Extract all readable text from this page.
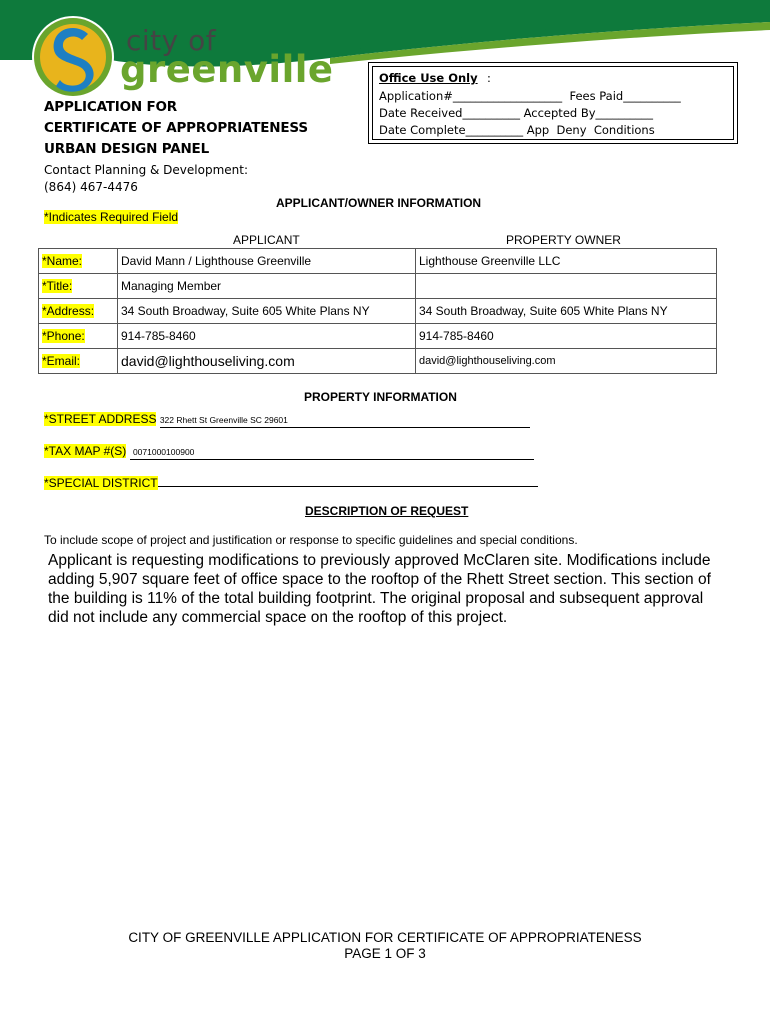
city of
greenville	Office Use Only :
Application#___________________  Fees Paid__________
Date Received__________ Accepted By__________
Date Complete__________ App  Deny  Conditions
APPLICATION FOR
CERTIFICATE OF APPROPRIATENESS
URBAN DESIGN PANEL
Contact Planning & Development:
(864) 467-4476
APPLICANT/OWNER INFORMATION
*Indicates Required Field
APPLICANT	PROPERTY OWNER
*Name:	David Mann / Lighthouse Greenville	Lighthouse Greenville LLC
*Title:	Managing Member	
*Address:	34 South Broadway, Suite 605 White Plans NY	34 South Broadway, Suite 605 White Plans NY
*Phone:	914-785-8460	914-785-8460
*Email:	david@lighthouseliving.com	david@lighthouseliving.com
PROPERTY INFORMATION
*STREET ADDRESS 322 Rhett St Greenville SC 29601
*TAX MAP #(S) 0071000100900
*SPECIAL DISTRICT
DESCRIPTION OF REQUEST
To include scope of project and justification or response to specific guidelines and special conditions.
Applicant is requesting modifications to previously approved McClaren site. Modifications include adding 5,907 square feet of office space to the rooftop of the Rhett Street section. This section of the building is 11% of the total building footprint. The original proposal and subsequent approval did not include any commercial space on the rooftop of this project.
CITY OF GREENVILLE APPLICATION FOR CERTIFICATE OF APPROPRIATENESS
PAGE 1 OF 3
